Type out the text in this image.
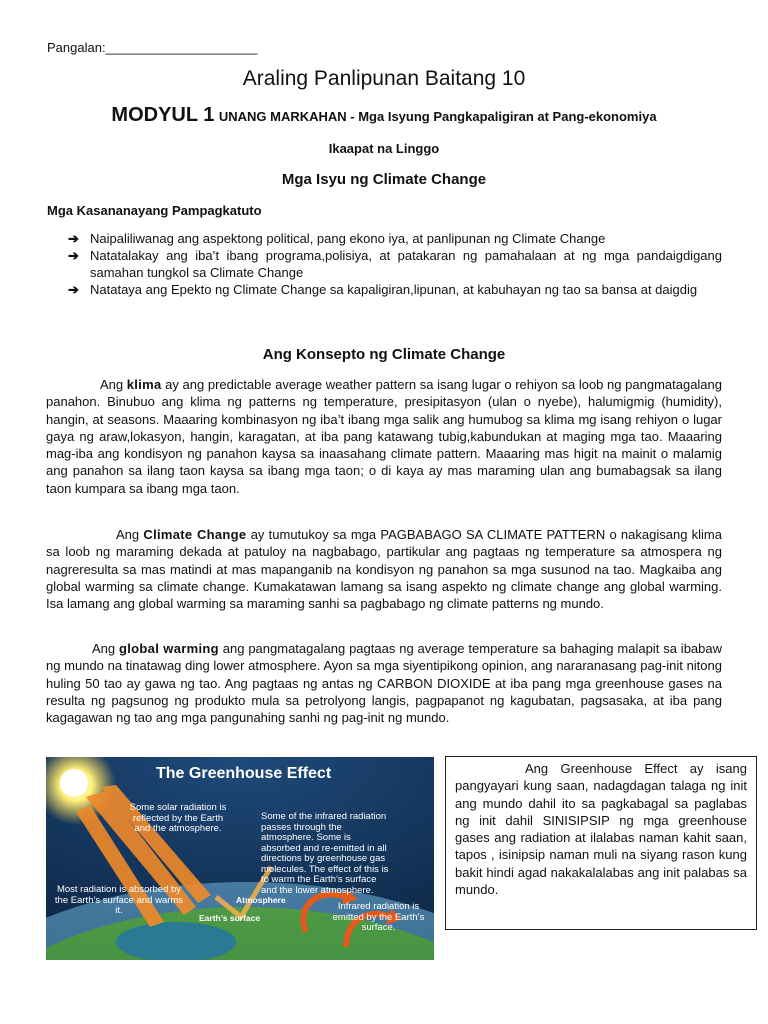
Pangalan:_____________________
Araling Panlipunan Baitang 10
MODYUL 1 UNANG MARKAHAN - Mga Isyung Pangkapaligiran at Pang-ekonomiya
Ikaapat na Linggo
Mga Isyu ng Climate Change
Mga Kasananayang Pampagkatuto
➔ Naipaliliwanag ang aspektong political, pang ekono iya, at panlipunan ng Climate Change
➔ Natatalakay ang iba’t ibang programa,polisiya, at patakaran ng pamahalaan at ng mga pandaigdigang samahan tungkol sa Climate Change
➔ Natataya ang Epekto ng Climate Change sa kapaligiran,lipunan, at kabuhayan ng tao sa bansa at daigdig
Ang Konsepto ng Climate Change

Ang klima ay ang predictable average weather pattern sa isang lugar o rehiyon sa loob ng pangmatagalang panahon. Binubuo ang klima ng patterns ng temperature, presipitasyon (ulan o nyebe), halumigmig (humidity), hangin, at seasons. Maaaring kombinasyon ng iba’t ibang mga salik ang humubog sa klima mg isang rehiyon o lugar gaya ng araw,lokasyon, hangin, karagatan, at iba pang katawang tubig,kabundukan at maging mga tao. Maaaring mag-iba ang kondisyon ng panahon kaysa sa inaasahang climate pattern. Maaaring mas higit na mainit o malamig ang panahon sa ilang taon kaysa sa ibang mga taon; o di kaya ay mas maraming ulan ang bumabagsak sa ilang taon kumpara sa ibang mga taon.

Ang Climate Change ay tumutukoy sa mga PAGBABAGO SA CLIMATE PATTERN o nakagisang klima sa loob ng maraming dekada at patuloy na nagbabago, partikular ang pagtaas ng temperature sa atmospera ng nagreresulta sa mas matindi at mas mapanganib na kondisyon ng panahon sa mga susunod na tao. Magkaiba ang global warming sa climate change. Kumakatawan lamang sa isang aspekto ng climate change ang global warming. Isa lamang ang global warming sa maraming sanhi sa pagbabago ng climate patterns ng mundo.

Ang global warming ang pangmatagalang pagtaas ng average temperature sa bahaging malapit sa ibabaw ng mundo na tinatawag ding lower atmosphere. Ayon sa mga siyentipikong opinion, ang nararanasang pag-init nitong huling 50 tao ay gawa ng tao. Ang pagtaas ng antas ng CARBON DIOXIDE at iba pang mga greenhouse gases na resulta ng pagsunog ng produkto mula sa petrolyong langis, pagpapanot ng kagubatan, pagsasaka, at iba pang kagagawan ng tao ang mga pangunahing sanhi ng pag-init ng mundo.

The Greenhouse Effect
Some solar radiation is reflected by the Earth and the atmosphere.
Some of the infrared radiation passes through the atmosphere. Some is absorbed and re-emitted in all directions by greenhouse gas molecules. The effect of this is to warm the Earth’s surface and the lower atmosphere.
Most radiation is absorbed by the Earth’s surface and warms it.	Infrared radiation is emitted by the Earth’s surface.
Atmosphere
Earth’s surface

Ang Greenhouse Effect ay isang pangyayari kung saan, nadagdagan talaga ng init ang mundo dahil ito sa pagkabagal sa paglabas ng init dahil SINISIPSIP ng mga greenhouse gases ang radiation at ilalabas naman kahit saan, tapos , isinipsip naman muli na siyang rason kung bakit hindi agad nakakalalabas ang init palabas sa mundo.
